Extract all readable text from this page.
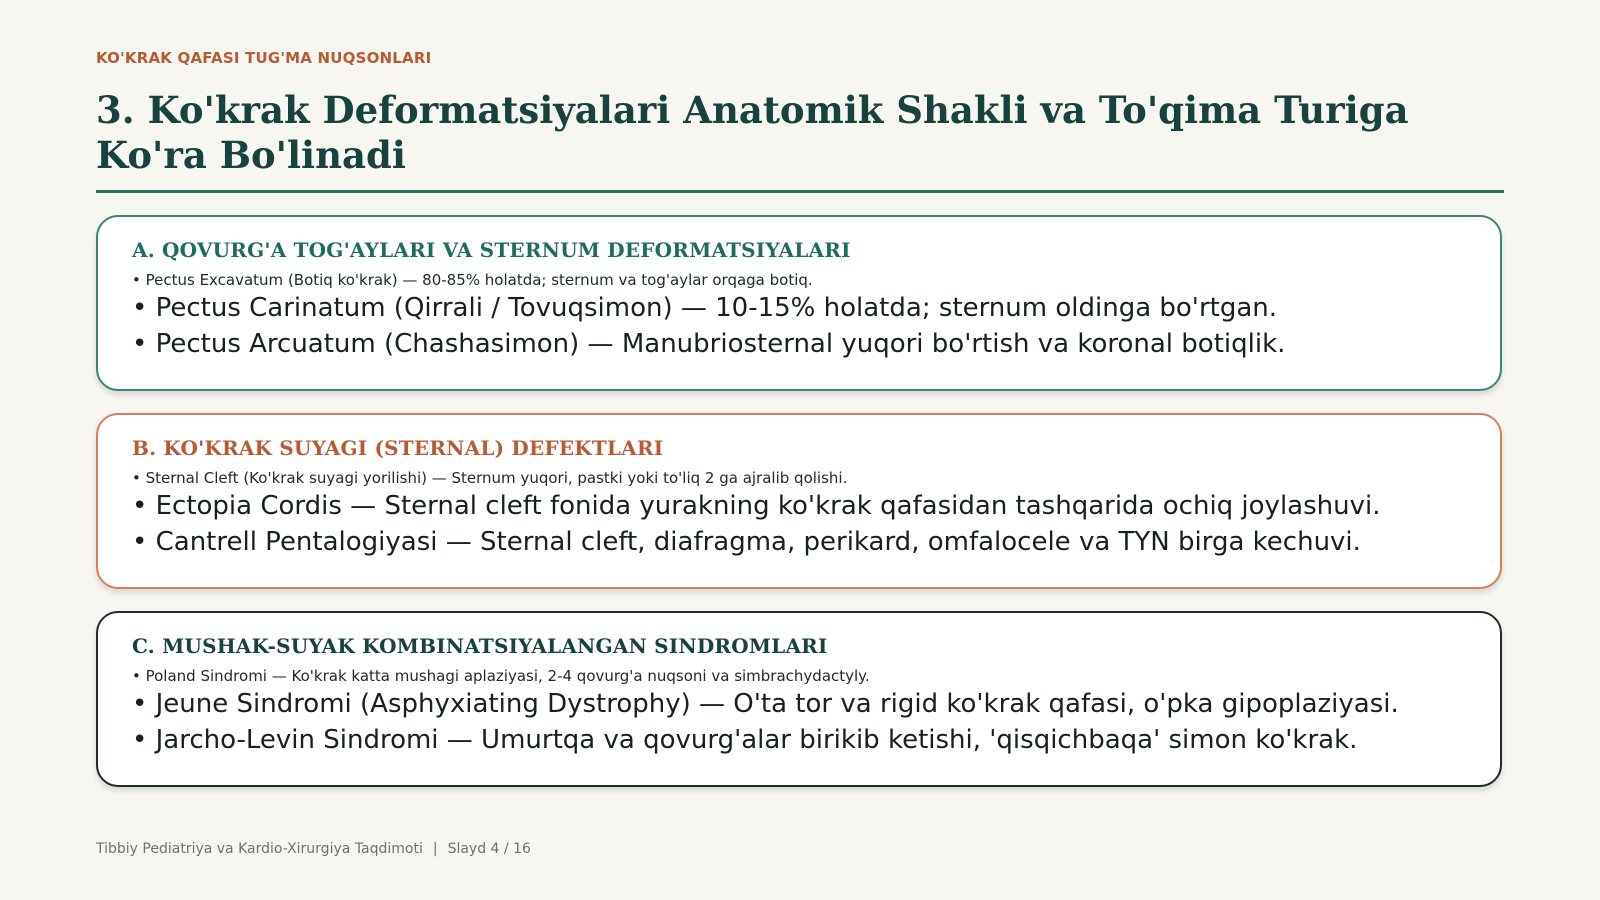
KO'KRAK QAFASI TUG'MA NUQSONLARI
3. Ko'krak Deformatsiyalari Anatomik Shakli va To'qima Turiga Ko'ra Bo'linadi
A. QOVURG'A TOG'AYLARI VA STERNUM DEFORMATSIYALARI
• Pectus Excavatum (Botiq ko'krak) — 80-85% holatda; sternum va tog'aylar orqaga botiq.
• Pectus Carinatum (Qirrali / Tovuqsimon) — 10-15% holatda; sternum oldinga bo'rtgan.
• Pectus Arcuatum (Chashasimon) — Manubriosternal yuqori bo'rtish va koronal botiqlik.
B. KO'KRAK SUYAGI (STERNAL) DEFEKTLARI
• Sternal Cleft (Ko'krak suyagi yorilishi) — Sternum yuqori, pastki yoki to'liq 2 ga ajralib qolishi.
• Ectopia Cordis — Sternal cleft fonida yurakning ko'krak qafasidan tashqarida ochiq joylashuvi.
• Cantrell Pentalogiyasi — Sternal cleft, diafragma, perikard, omfalocele va TYN birga kechuvi.
C. MUSHAK-SUYAK KOMBINATSIYALANGAN SINDROMLARI
• Poland Sindromi — Ko'krak katta mushagi aplaziyasi, 2-4 qovurg'a nuqsoni va simbrachydactyly.
• Jeune Sindromi (Asphyxiating Dystrophy) — O'ta tor va rigid ko'krak qafasi, o'pka gipoplaziyasi.
• Jarcho-Levin Sindromi — Umurtqa va qovurg'alar birikib ketishi, 'qisqichbaqa' simon ko'krak.
Tibbiy Pediatriya va Kardio-Xirurgiya Taqdimoti | Slayd 4 / 16
